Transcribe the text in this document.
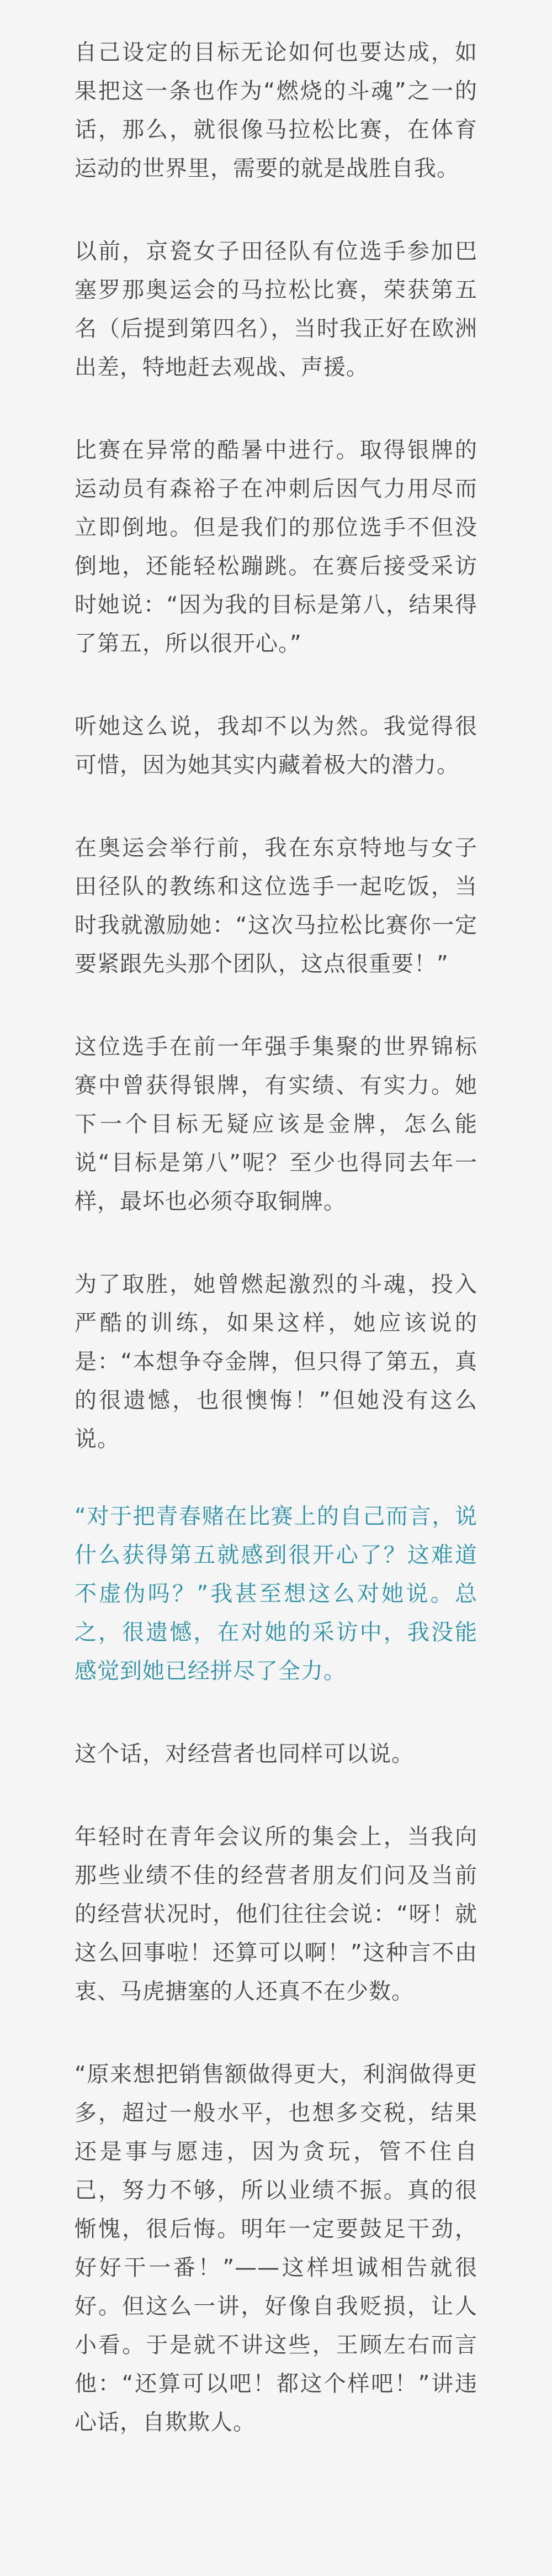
自己设定的目标无论如何也要达成，如果把这一条也作为“燃烧的斗魂”之一的话，那么，就很像马拉松比赛，在体育运动的世界里，需要的就是战胜自我。

以前，京瓷女子田径队有位选手参加巴塞罗那奥运会的马拉松比赛，荣获第五名（后提到第四名），当时我正好在欧洲出差，特地赶去观战、声援。

比赛在异常的酷暑中进行。取得银牌的运动员有森裕子在冲刺后因气力用尽而立即倒地。但是我们的那位选手不但没倒地，还能轻松蹦跳。在赛后接受采访时她说：“因为我的目标是第八，结果得了第五，所以很开心。”

听她这么说，我却不以为然。我觉得很可惜，因为她其实内藏着极大的潜力。

在奥运会举行前，我在东京特地与女子田径队的教练和这位选手一起吃饭，当时我就激励她：“这次马拉松比赛你一定要紧跟先头那个团队，这点很重要！”

这位选手在前一年强手集聚的世界锦标赛中曾获得银牌，有实绩、有实力。她下一个目标无疑应该是金牌，怎么能说“目标是第八”呢？至少也得同去年一样，最坏也必须夺取铜牌。

为了取胜，她曾燃起激烈的斗魂，投入严酷的训练，如果这样，她应该说的是：“本想争夺金牌，但只得了第五，真的很遗憾，也很懊悔！”但她没有这么说。

“对于把青春赌在比赛上的自己而言，说什么获得第五就感到很开心了？这难道不虚伪吗？”我甚至想这么对她说。总之，很遗憾，在对她的采访中，我没能感觉到她已经拼尽了全力。

这个话，对经营者也同样可以说。

年轻时在青年会议所的集会上，当我向那些业绩不佳的经营者朋友们问及当前的经营状况时，他们往往会说：“呀！就这么回事啦！还算可以啊！”这种言不由衷、马虎搪塞的人还真不在少数。

“原来想把销售额做得更大，利润做得更多，超过一般水平，也想多交税，结果还是事与愿违，因为贪玩，管不住自己，努力不够，所以业绩不振。真的很惭愧，很后悔。明年一定要鼓足干劲，好好干一番！”——这样坦诚相告就很好。但这么一讲，好像自我贬损，让人小看。于是就不讲这些，王顾左右而言他：“还算可以吧！都这个样吧！”讲违心话，自欺欺人。
